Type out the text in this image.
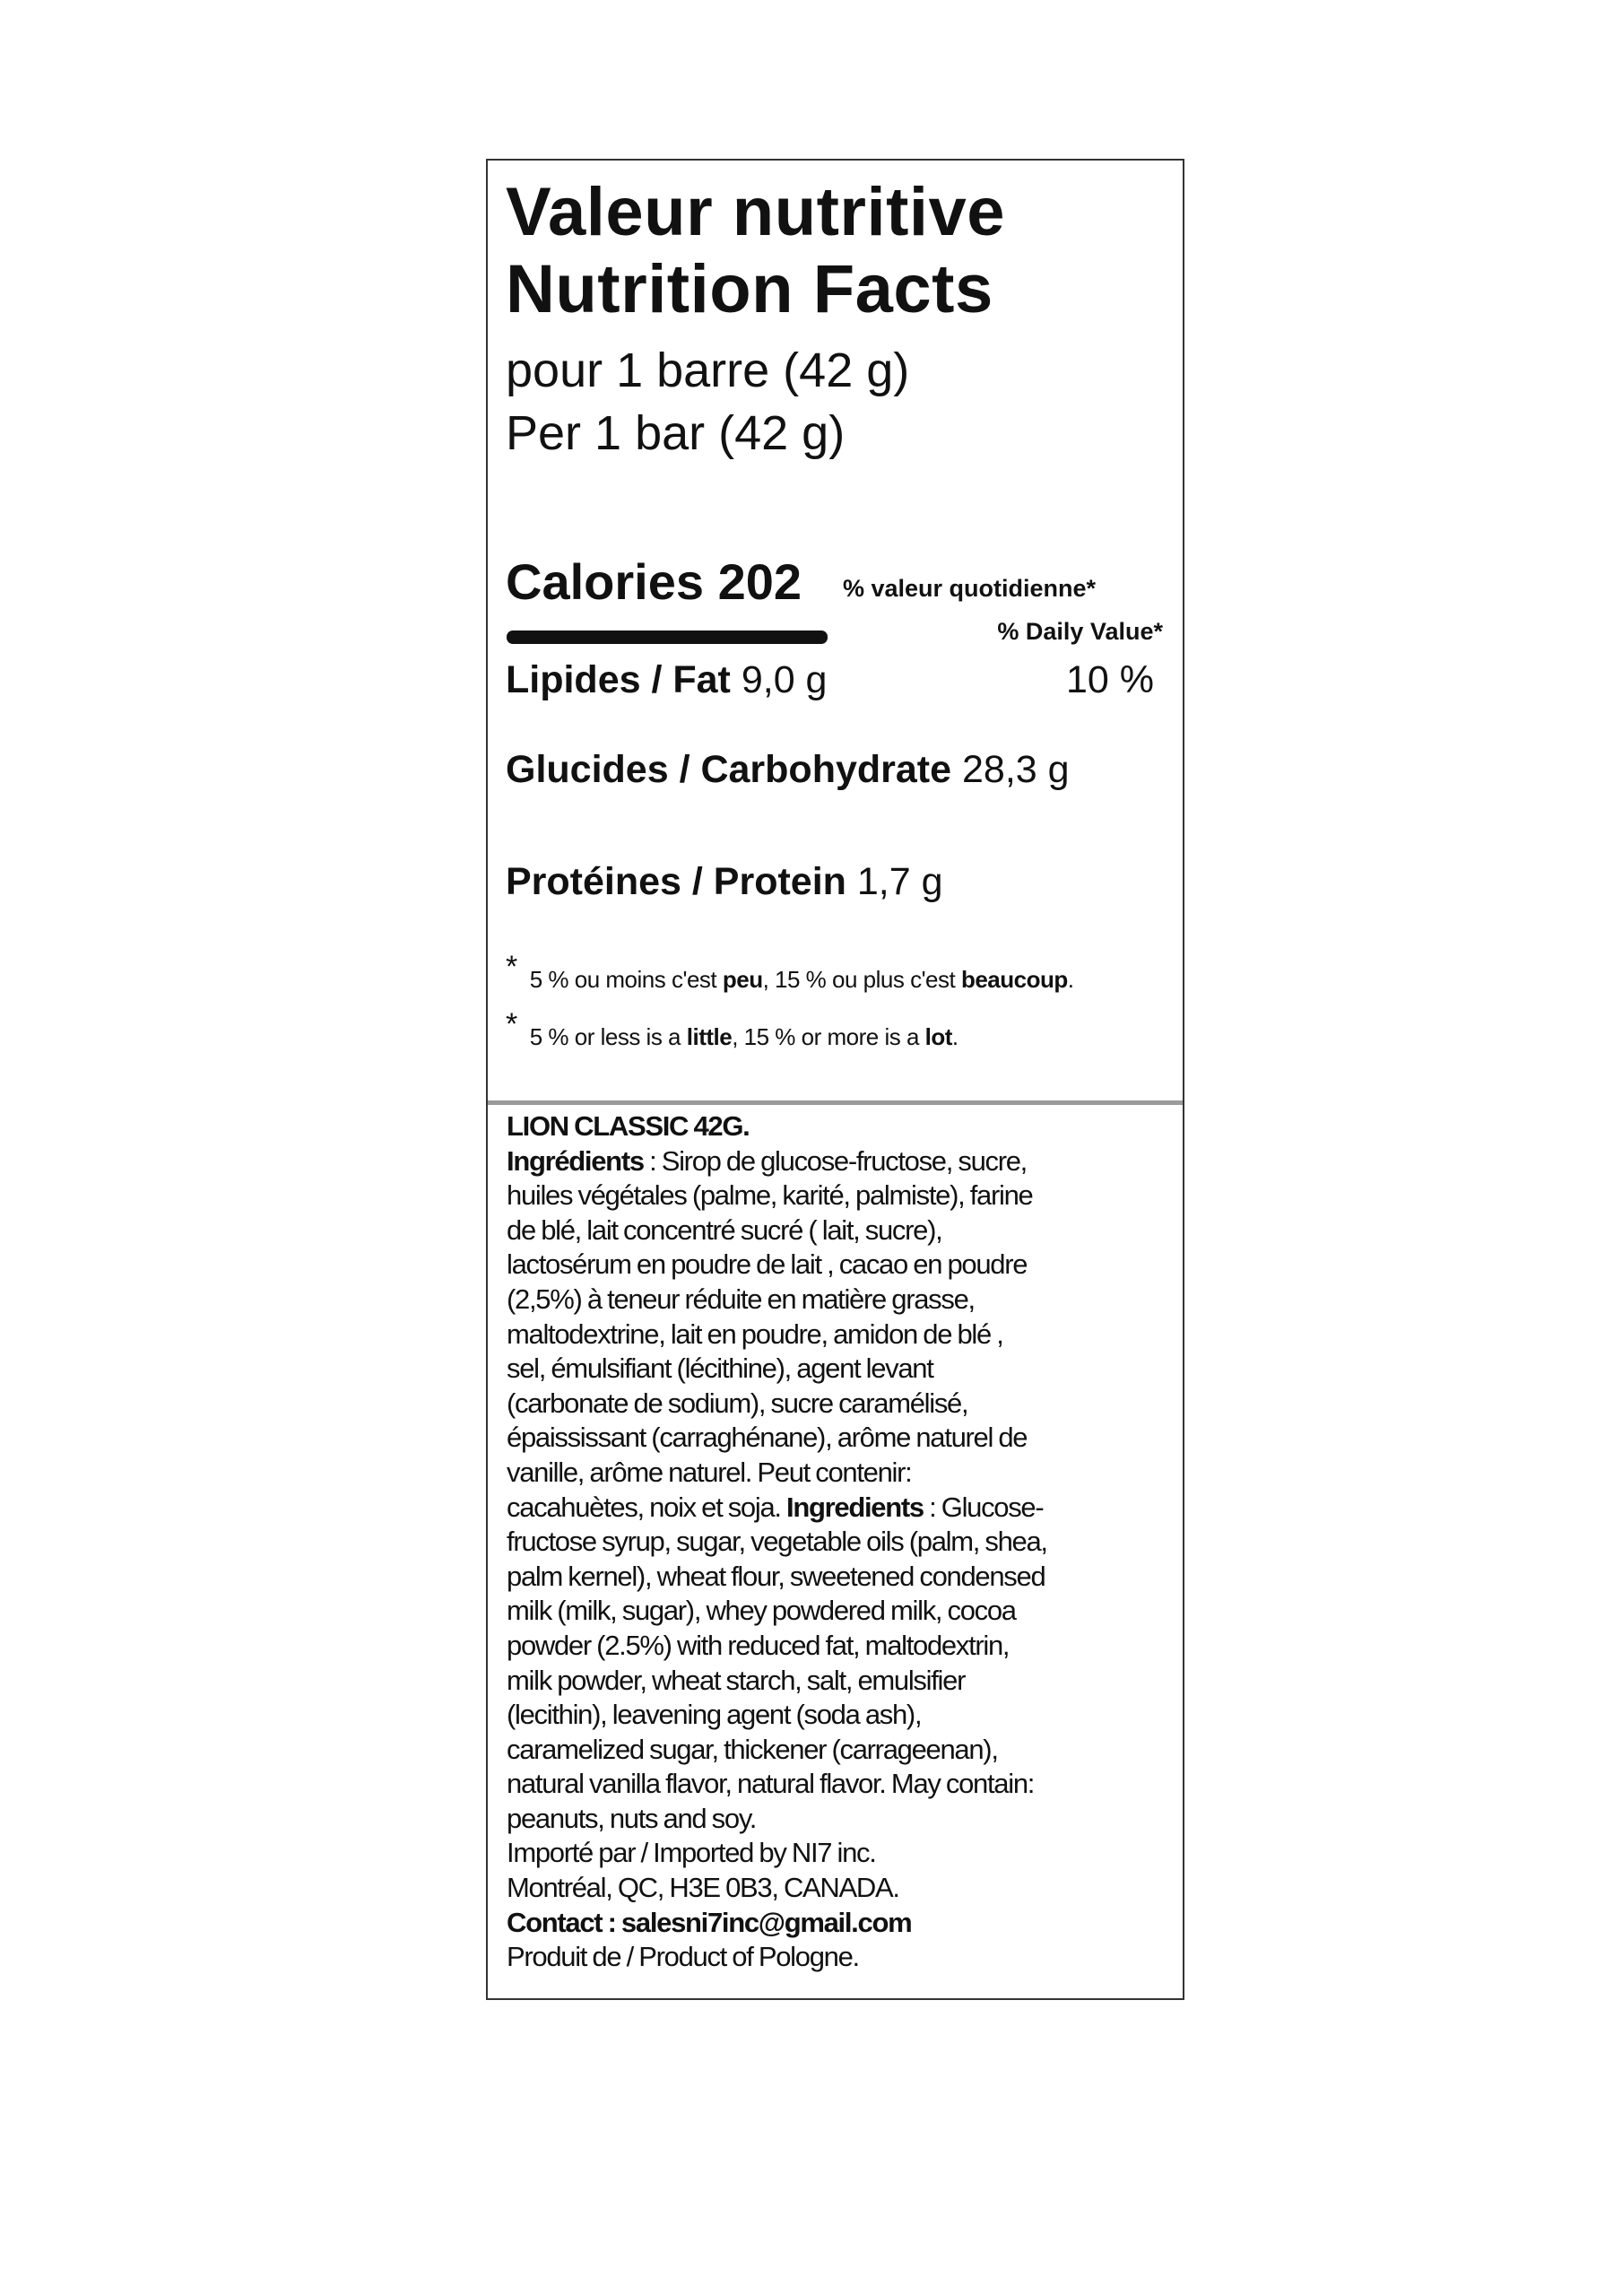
Valeur nutritive
Nutrition Facts
pour 1 barre (42 g)
Per 1 bar (42 g)
Calories 202 % valeur quotidienne*
% Daily Value*
Lipides / Fat 9,0 g	10 %
Glucides / Carbohydrate 28,3 g
Protéines / Protein 1,7 g
* 5 % ou moins c'est peu, 15 % ou plus c'est beaucoup.
* 5 % or less is a little, 15 % or more is a lot.
LION CLASSIC 42G.
Ingrédients : Sirop de glucose-fructose, sucre,
huiles végétales (palme, karité, palmiste), farine
de blé, lait concentré sucré ( lait, sucre),
lactosérum en poudre de lait , cacao en poudre
(2,5%) à teneur réduite en matière grasse,
maltodextrine, lait en poudre, amidon de blé ,
sel, émulsifiant (lécithine), agent levant
(carbonate de sodium), sucre caramélisé,
épaississant (carraghénane), arôme naturel de
vanille, arôme naturel. Peut contenir:
cacahuètes, noix et soja. Ingredients : Glucose-
fructose syrup, sugar, vegetable oils (palm, shea,
palm kernel), wheat flour, sweetened condensed
milk (milk, sugar), whey powdered milk, cocoa
powder (2.5%) with reduced fat, maltodextrin,
milk powder, wheat starch, salt, emulsifier
(lecithin), leavening agent (soda ash),
caramelized sugar, thickener (carrageenan),
natural vanilla flavor, natural flavor. May contain:
peanuts, nuts and soy.
Importé par / Imported by NI7 inc.
Montréal, QC, H3E 0B3, CANADA.
Contact : salesni7inc@gmail.com
Produit de / Product of Pologne.
